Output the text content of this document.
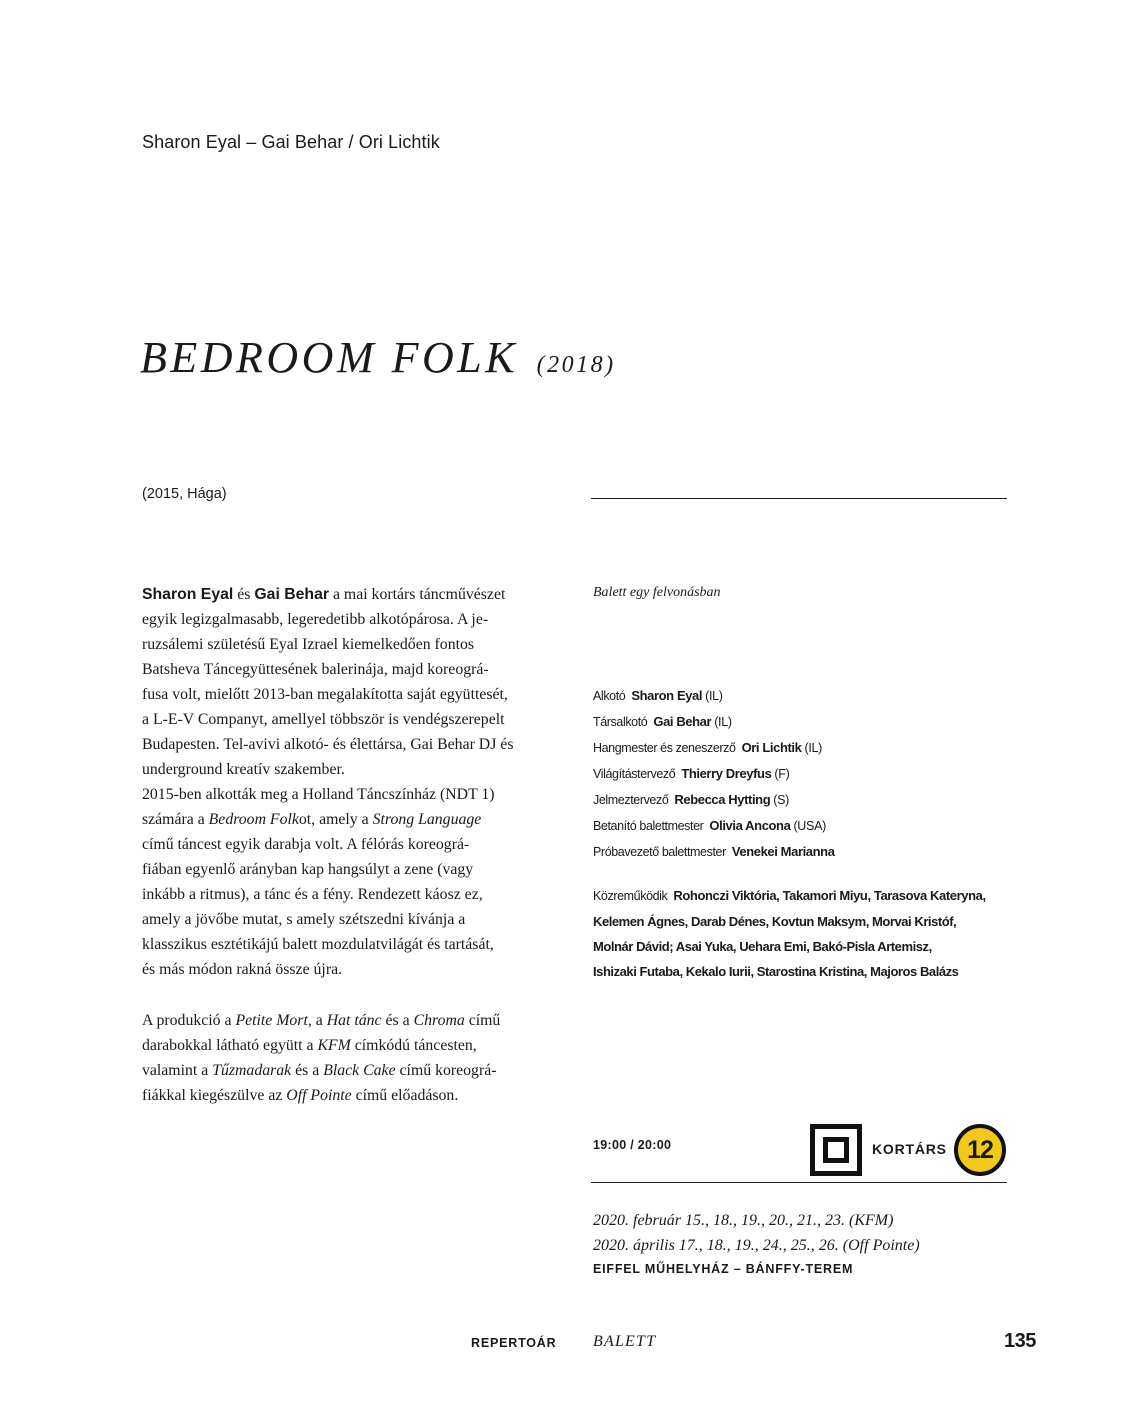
Sharon Eyal – Gai Behar / Ori Lichtik
BEDROOM FOLK (2018)
(2015, Hága)
Sharon Eyal és Gai Behar a mai kortárs táncművészet
egyik legizgalmasabb, legeredetibb alkotópárosa. A je-
ruzsálemi születésű Eyal Izrael kiemelkedően fontos
Batsheva Táncegyüttesének balerinája, majd koreográ-
fusa volt, mielőtt 2013-ban megalakította saját együttesét,
a L-E-V Companyt, amellyel többször is vendégszerepelt
Budapesten. Tel-avivi alkotó- és élettársa, Gai Behar DJ és
underground kreatív szakember.
2015-ben alkották meg a Holland Táncszínház (NDT 1)
számára a Bedroom Folkot, amely a Strong Language
című táncest egyik darabja volt. A félórás koreográ-
fiában egyenlő arányban kap hangsúlyt a zene (vagy
inkább a ritmus), a tánc és a fény. Rendezett káosz ez,
amely a jövőbe mutat, s amely szétszedni kívánja a
klasszikus esztétikájú balett mozdulatvilágát és tartását,
és más módon rakná össze újra.
A produkció a Petite Mort, a Hat tánc és a Chroma című
darabokkal látható együtt a KFM címkódú táncesten,
valamint a Tűzmadarak és a Black Cake című koreográ-
fiákkal kiegészülve az Off Pointe című előadáson.
Balett egy felvonásban
Alkotó Sharon Eyal (IL)
Társalkotó Gai Behar (IL)
Hangmester és zeneszerző Ori Lichtik (IL)
Világítástervező Thierry Dreyfus (F)
Jelmeztervező Rebecca Hytting (S)
Betanító balettmester Olivia Ancona (USA)
Próbavezető balettmester Venekei Marianna
Közreműködik Rohonczi Viktória, Takamori Miyu, Tarasova Kateryna,
Kelemen Ágnes, Darab Dénes, Kovtun Maksym, Morvai Kristóf,
Molnár Dávid; Asai Yuka, Uehara Emi, Bakó-Pisla Artemisz,
Ishizaki Futaba, Kekalo Iurii, Starostina Kristina, Majoros Balázs
19:00 / 20:00	KORTÁRS 12
2020. február 15., 18., 19., 20., 21., 23. (KFM)
2020. április 17., 18., 19., 24., 25., 26. (Off Pointe)
EIFFEL MŰHELYHÁZ – BÁNFFY-TEREM
REPERTOÁR BALETT	135
